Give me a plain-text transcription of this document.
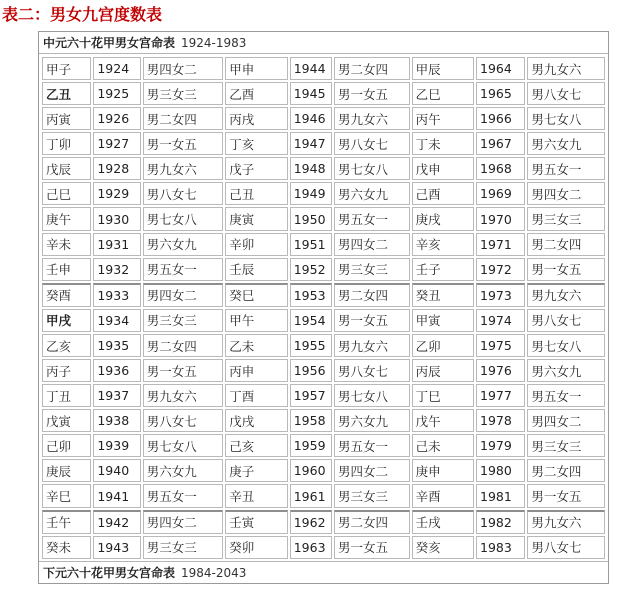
表二：男女九宫度数表
中元六十花甲男女宫命表 1924-1983
甲子	1924	男四女二	甲申	1944	男二女四	甲辰	1964	男九女六
乙丑	1925	男三女三	乙酉	1945	男一女五	乙巳	1965	男八女七
丙寅	1926	男二女四	丙戌	1946	男九女六	丙午	1966	男七女八
丁卯	1927	男一女五	丁亥	1947	男八女七	丁未	1967	男六女九
戊辰	1928	男九女六	戊子	1948	男七女八	戊申	1968	男五女一
己巳	1929	男八女七	己丑	1949	男六女九	己酉	1969	男四女二
庚午	1930	男七女八	庚寅	1950	男五女一	庚戌	1970	男三女三
辛未	1931	男六女九	辛卯	1951	男四女二	辛亥	1971	男二女四
壬申	1932	男五女一	壬辰	1952	男三女三	壬子	1972	男一女五
癸酉	1933	男四女二	癸巳	1953	男二女四	癸丑	1973	男九女六
甲戌	1934	男三女三	甲午	1954	男一女五	甲寅	1974	男八女七
乙亥	1935	男二女四	乙未	1955	男九女六	乙卯	1975	男七女八
丙子	1936	男一女五	丙申	1956	男八女七	丙辰	1976	男六女九
丁丑	1937	男九女六	丁酉	1957	男七女八	丁巳	1977	男五女一
戊寅	1938	男八女七	戊戌	1958	男六女九	戊午	1978	男四女二
己卯	1939	男七女八	己亥	1959	男五女一	己未	1979	男三女三
庚辰	1940	男六女九	庚子	1960	男四女二	庚申	1980	男二女四
辛巳	1941	男五女一	辛丑	1961	男三女三	辛酉	1981	男一女五
壬午	1942	男四女二	壬寅	1962	男二女四	壬戌	1982	男九女六
癸未	1943	男三女三	癸卯	1963	男一女五	癸亥	1983	男八女七
下元六十花甲男女宫命表 1984-2043
